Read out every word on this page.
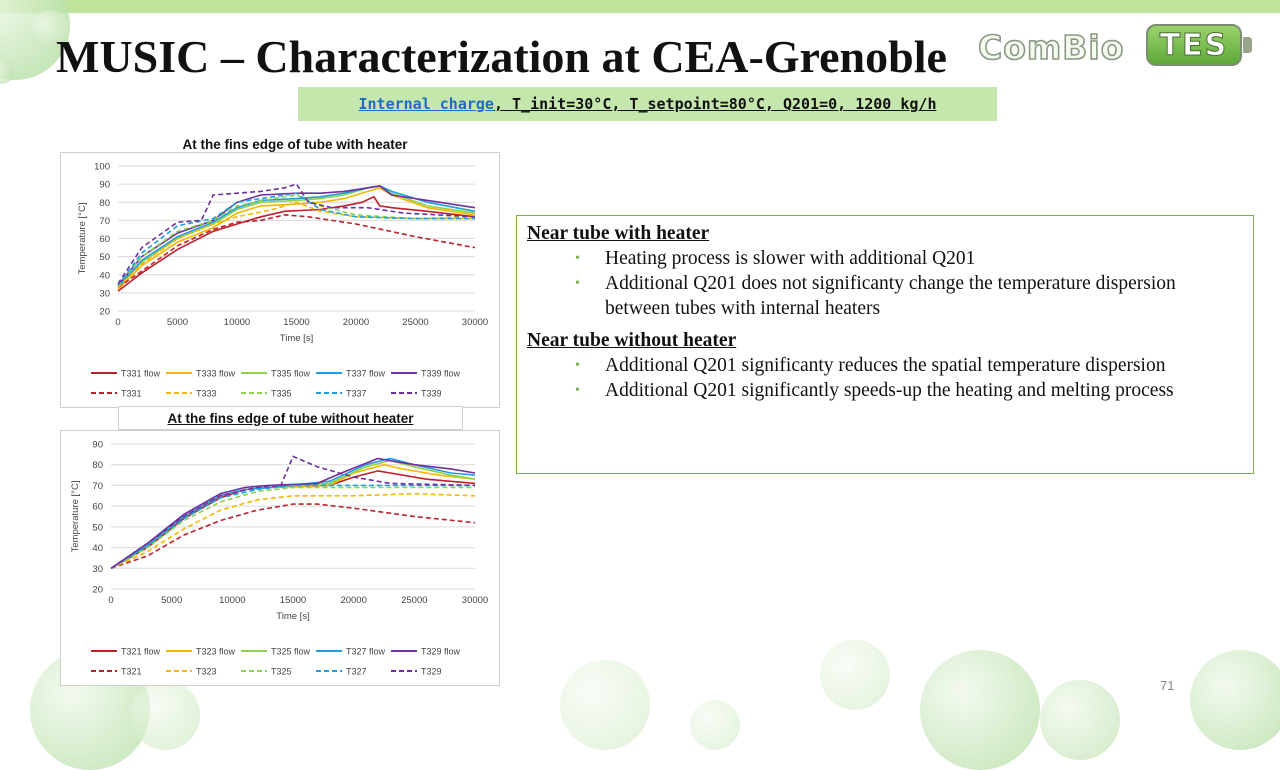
ComBio TES
MUSIC – Characterization at CEA-Grenoble
Internal charge , T_init=30°C, T_setpoint=80°C, Q201=0, 1200 kg/h
At the fins edge of tube with heater
20
30
40
50
60
70
80
90
100
0	5000	10000	15000	20000	25000	30000
Time [s]
Temperature [°C]
T331 flow	T333 flow	T335 flow	T337 flow	T339 flow
T331	T333	T335	T337	T339
At the fins edge of tube without heater
20
30
40
50
60
70
80
90
0	5000	10000	15000	20000	25000	30000
Time [s]
Temperature [°C]
T321 flow	T323 flow	T325 flow	T327 flow	T329 flow
T321	T323	T325	T327	T329

Near tube with heater

• Heating process is slower with additional Q201
• Additional Q201 does not significanty change the temperature dispersion between tubes with internal heaters

Near tube without heater

• Additional Q201 significanty reduces the spatial temperature dispersion
• Additional Q201 significantly speeds-up the heating and melting process
71
